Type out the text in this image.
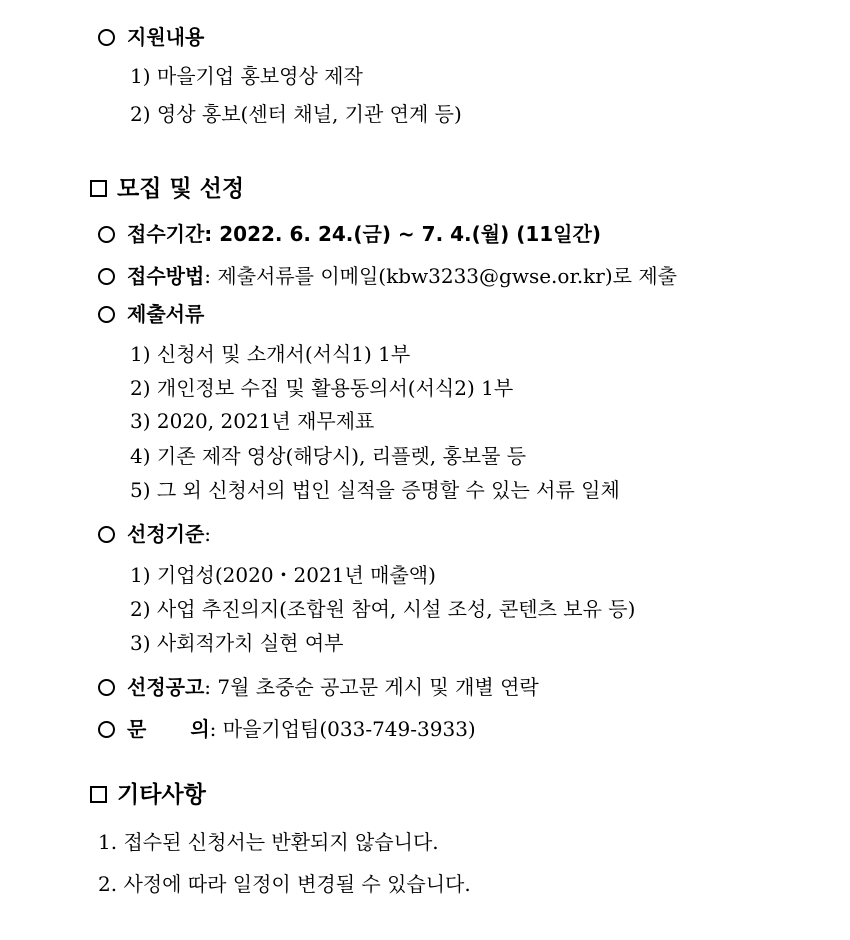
지원내용
1) 마을기업 홍보영상 제작
2) 영상 홍보(센터 채널, 기관 연계 등)
모집 및 선정
접수기간: 2022. 6. 24.(금) ~ 7. 4.(월) (11일간)
접수방법: 제출서류를 이메일(kbw3233@gwse.or.kr)로 제출
제출서류
1) 신청서 및 소개서(서식1) 1부
2) 개인정보 수집 및 활용동의서(서식2) 1부
3) 2020, 2021년 재무제표
4) 기존 제작 영상(해당시), 리플렛, 홍보물 등
5) 그 외 신청서의 법인 실적을 증명할 수 있는 서류 일체
선정기준:
1) 기업성(2020・2021년 매출액)
2) 사업 추진의지(조합원 참여, 시설 조성, 콘텐츠 보유 등)
3) 사회적가치 실현 여부
선정공고: 7월 초중순 공고문 게시 및 개별 연락
문 의: 마을기업팀(033-749-3933)
기타사항
1. 접수된 신청서는 반환되지 않습니다.
2. 사정에 따라 일정이 변경될 수 있습니다.
